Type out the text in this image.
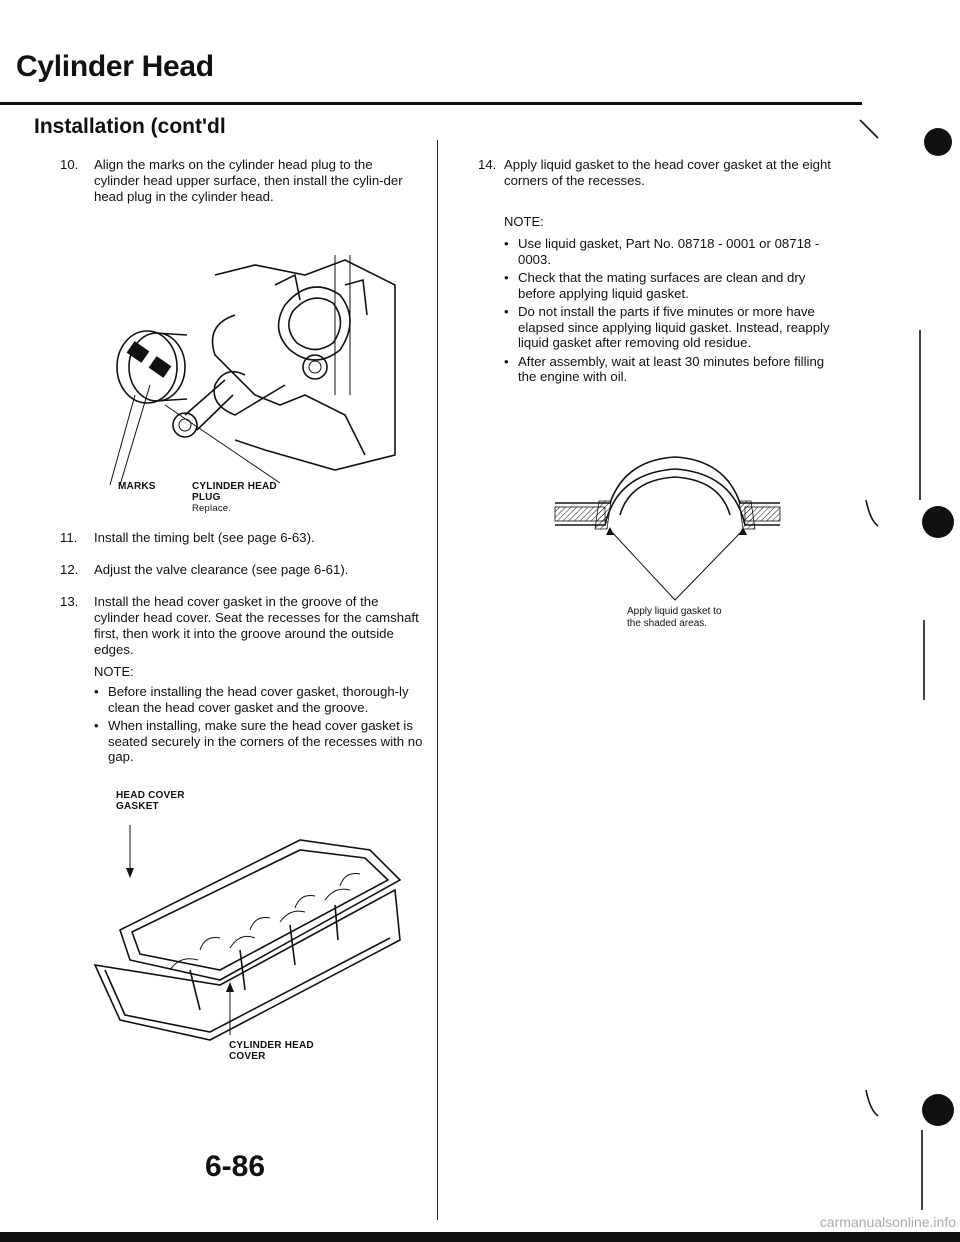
Cylinder Head
Installation (cont'dl
10. Align the marks on the cylinder head plug to the cylinder head upper surface, then install the cylin-der head plug in the cylinder head.
MARKS	CYLINDER HEAD
PLUG
Replace.
11. Install the timing belt (see page 6-63).
12. Adjust the valve clearance (see page 6-61).
13. Install the head cover gasket in the groove of the cylinder head cover. Seat the recesses for the camshaft first, then work it into the groove around the outside edges.
NOTE:
• Before installing the head cover gasket, thorough-ly clean the head cover gasket and the groove.
• When installing, make sure the head cover gasket is seated securely in the corners of the recesses with no gap.
HEAD COVER
GASKET
CYLINDER HEAD
COVER
14. Apply liquid gasket to the head cover gasket at the eight corners of the recesses.
NOTE:
• Use liquid gasket, Part No. 08718 - 0001 or 08718 - 0003.
• Check that the mating surfaces are clean and dry before applying liquid gasket.
• Do not install the parts if five minutes or more have elapsed since applying liquid gasket. Instead, reapply liquid gasket after removing old residue.
• After assembly, wait at least 30 minutes before filling the engine with oil.
Apply liquid gasket to
the shaded areas.
6-86
carmanualsonline.info
